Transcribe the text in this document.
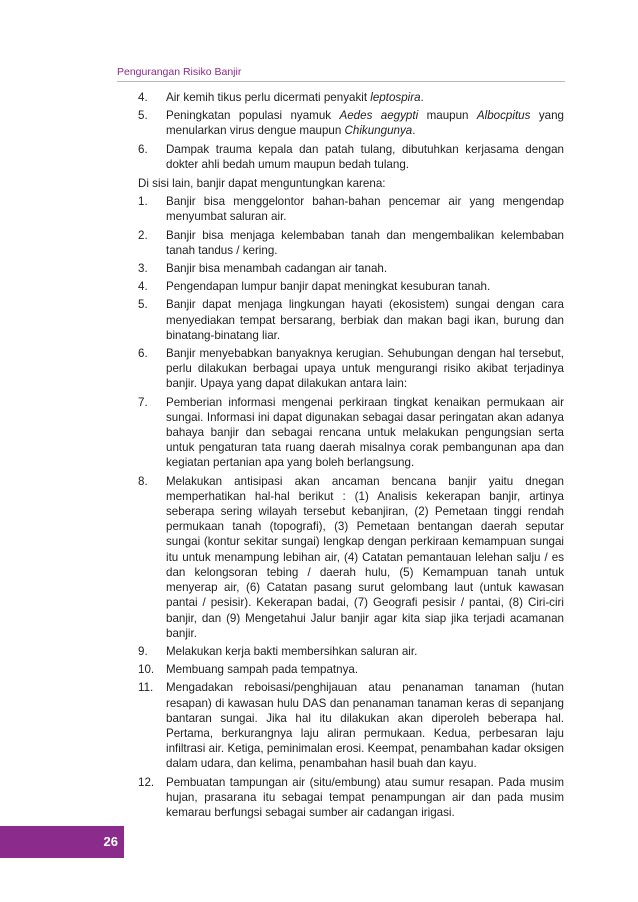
Pengurangan Risiko Banjir
4.	Air kemih tikus perlu dicermati penyakit leptospira.
5.	Peningkatan populasi nyamuk Aedes aegypti maupun Albocpitus yang menularkan virus dengue maupun Chikungunya.
6.	Dampak trauma kepala dan patah tulang, dibutuhkan kerjasama dengan dokter ahli bedah umum maupun bedah tulang.

Di sisi lain, banjir dapat menguntungkan karena:

1.	Banjir bisa menggelontor bahan-bahan pencemar air yang mengendap menyumbat saluran air.
2.	Banjir bisa menjaga kelembaban tanah dan mengembalikan kelembaban tanah tandus / kering.
3.	Banjir bisa menambah cadangan air tanah.
4.	Pengendapan lumpur banjir dapat meningkat kesuburan tanah.
5.	Banjir dapat menjaga lingkungan hayati (ekosistem) sungai dengan cara menyediakan tempat bersarang, berbiak dan makan bagi ikan, burung dan binatang-binatang liar.
6.	Banjir menyebabkan banyaknya kerugian. Sehubungan dengan hal tersebut, perlu dilakukan berbagai upaya untuk mengurangi risiko akibat terjadinya banjir. Upaya yang dapat dilakukan antara lain:
7.	Pemberian informasi mengenai perkiraan tingkat kenaikan permukaan air sungai. Informasi ini dapat digunakan sebagai dasar peringatan akan adanya bahaya banjir dan sebagai rencana untuk melakukan pengungsian serta untuk pengaturan tata ruang daerah misalnya corak pembangunan apa dan kegiatan pertanian apa yang boleh berlangsung.
8.	Melakukan antisipasi akan ancaman bencana banjir yaitu dnegan memperhatikan hal-hal berikut : (1) Analisis kekerapan banjir, artinya seberapa sering wilayah tersebut kebanjiran, (2) Pemetaan tinggi rendah permukaan tanah (topografi), (3) Pemetaan bentangan daerah seputar sungai (kontur sekitar sungai) lengkap dengan perkiraan kemampuan sungai itu untuk menampung lebihan air, (4) Catatan pemantauan lelehan salju / es dan kelongsoran tebing / daerah hulu, (5) Kemampuan tanah untuk menyerap air, (6) Catatan pasang surut gelombang laut (untuk kawasan pantai / pesisir). Kekerapan badai, (7) Geografi pesisir / pantai, (8) Ciri-ciri banjir, dan (9) Mengetahui Jalur banjir agar kita siap jika terjadi acamanan banjir.
9.	Melakukan kerja bakti membersihkan saluran air.
10.	Membuang sampah pada tempatnya.
11.	Mengadakan reboisasi/penghijauan atau penanaman tanaman (hutan resapan) di kawasan hulu DAS dan penanaman tanaman keras di sepanjang bantaran sungai. Jika hal itu dilakukan akan diperoleh beberapa hal. Pertama, berkurangnya laju aliran permukaan. Kedua, perbesaran laju infiltrasi air. Ketiga, peminimalan erosi. Keempat, penambahan kadar oksigen dalam udara, dan kelima, penambahan hasil buah dan kayu.
12.	Pembuatan tampungan air (situ/embung) atau sumur resapan. Pada musim hujan, prasarana itu sebagai tempat penampungan air dan pada musim kemarau berfungsi sebagai sumber air cadangan irigasi.
26
